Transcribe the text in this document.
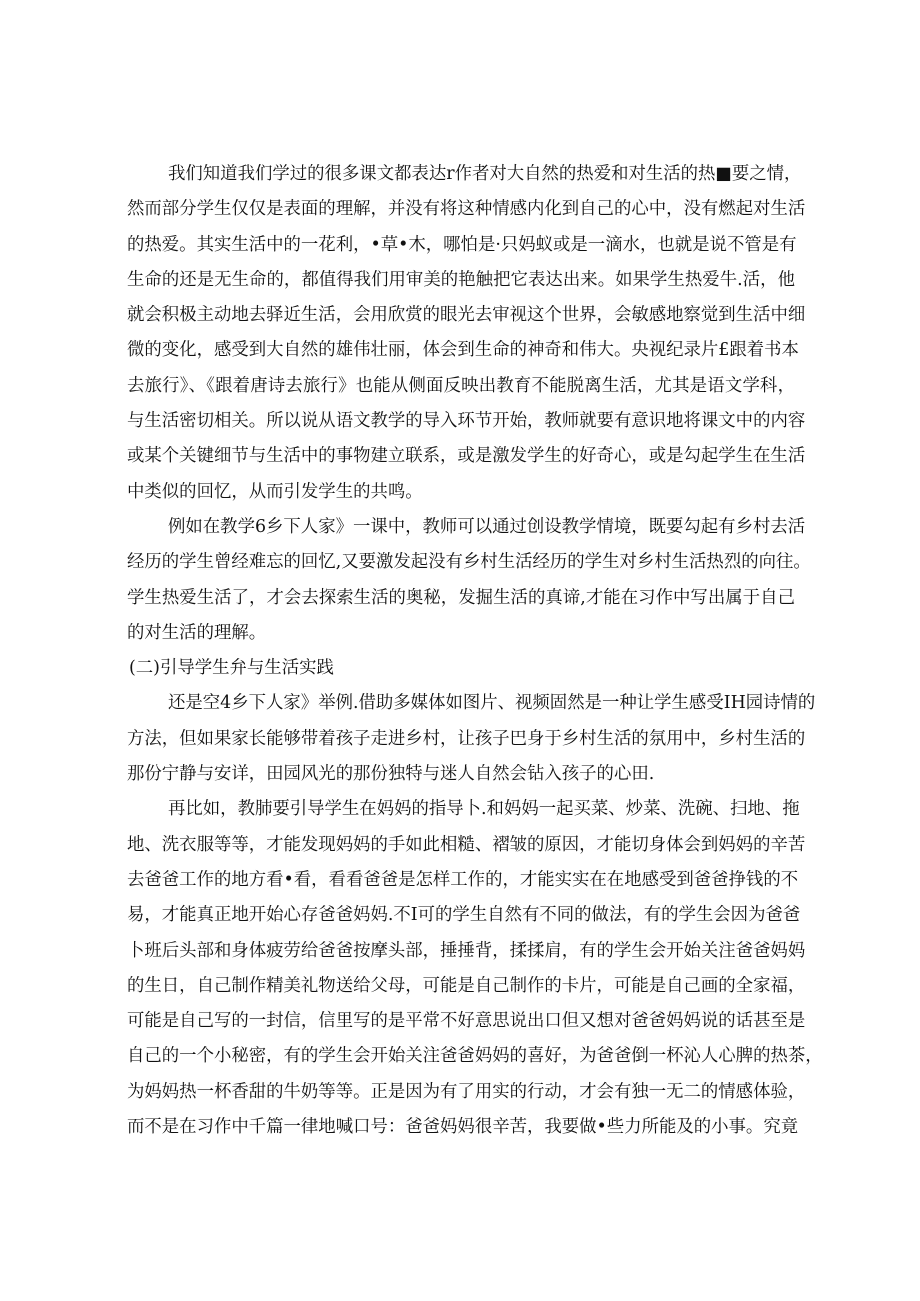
我们知道我们学过的很多课文都表达r作者对大自然的热爱和对生活的热■要之情，
然而部分学生仅仅是表面的理解，并没有将这种情感内化到自己的心中，没有燃起对生活
的热爱。其实生活中的一花利，•草•木，哪怕是·只妈蚁或是一滴水，也就是说不管是有
生命的还是无生命的，都值得我们用审美的艳触把它表达出来。如果学生热爱牛.活，他
就会积极主动地去驿近生活，会用欣赏的眼光去审视这个世界，会敏感地察觉到生活中细
微的变化，感受到大自然的雄伟壮丽，体会到生命的神奇和伟大。央视纪录片£跟着书本
去旅行》、《跟着唐诗去旅行》也能从侧面反映出教育不能脱离生活，尤其是语文学科，
与生活密切相关。所以说从语文教学的导入环节开始，教师就要有意识地将课文中的内容
或某个关键细节与生活中的事物建立联系，或是激发学生的好奇心，或是勾起学生在生活
中类似的回忆，从而引发学生的共鸣。
例如在教学6乡下人家》一课中，教师可以通过创设教学情境，既要勾起有乡村去活
经历的学生曾经难忘的回忆,又要激发起没有乡村生活经历的学生对乡村生活热烈的向往。
学生热爱生活了，才会去探索生活的奥秘，发掘生活的真谛,才能在习作中写出属于自己
的对生活的理解。
(二)引导学生弁与生活实践
还是空4乡下人家》举例.借助多媒体如图片、视频固然是一种让学生感受IH园诗情的
方法，但如果家长能够带着孩子走进乡村，让孩子巴身于乡村生活的氛用中，乡村生活的
那份宁静与安详，田园风光的那份独特与迷人自然会钻入孩子的心田.
再比如，教肺要引导学生在妈妈的指导卜.和妈妈一起买菜、炒菜、洗碗、扫地、拖
地、洗衣服等等，才能发现妈妈的手如此相糙、褶皱的原因，才能切身体会到妈妈的辛苦
去爸爸工作的地方看•看，看看爸爸是怎样工作的，才能实实在在地感受到爸爸挣钱的不
易，才能真正地开始心存爸爸妈妈.不I可的学生自然有不同的做法，有的学生会因为爸爸
卜班后头部和身体疲劳给爸爸按摩头部，捶捶背，揉揉肩，有的学生会开始关注爸爸妈妈
的生日，自己制作精美礼物送给父母，可能是自己制作的卡片，可能是自己画的全家福，
可能是自己写的一封信，信里写的是平常不好意思说出口但又想对爸爸妈妈说的话甚至是
自己的一个小秘密，有的学生会开始关注爸爸妈妈的喜好，为爸爸倒一杯沁人心脾的热茶，
为妈妈热一杯香甜的牛奶等等。正是因为有了用实的行动，才会有独一无二的情感体验，
而不是在习作中千篇一律地喊口号：爸爸妈妈很辛苦，我要做•些力所能及的小事。究竟
